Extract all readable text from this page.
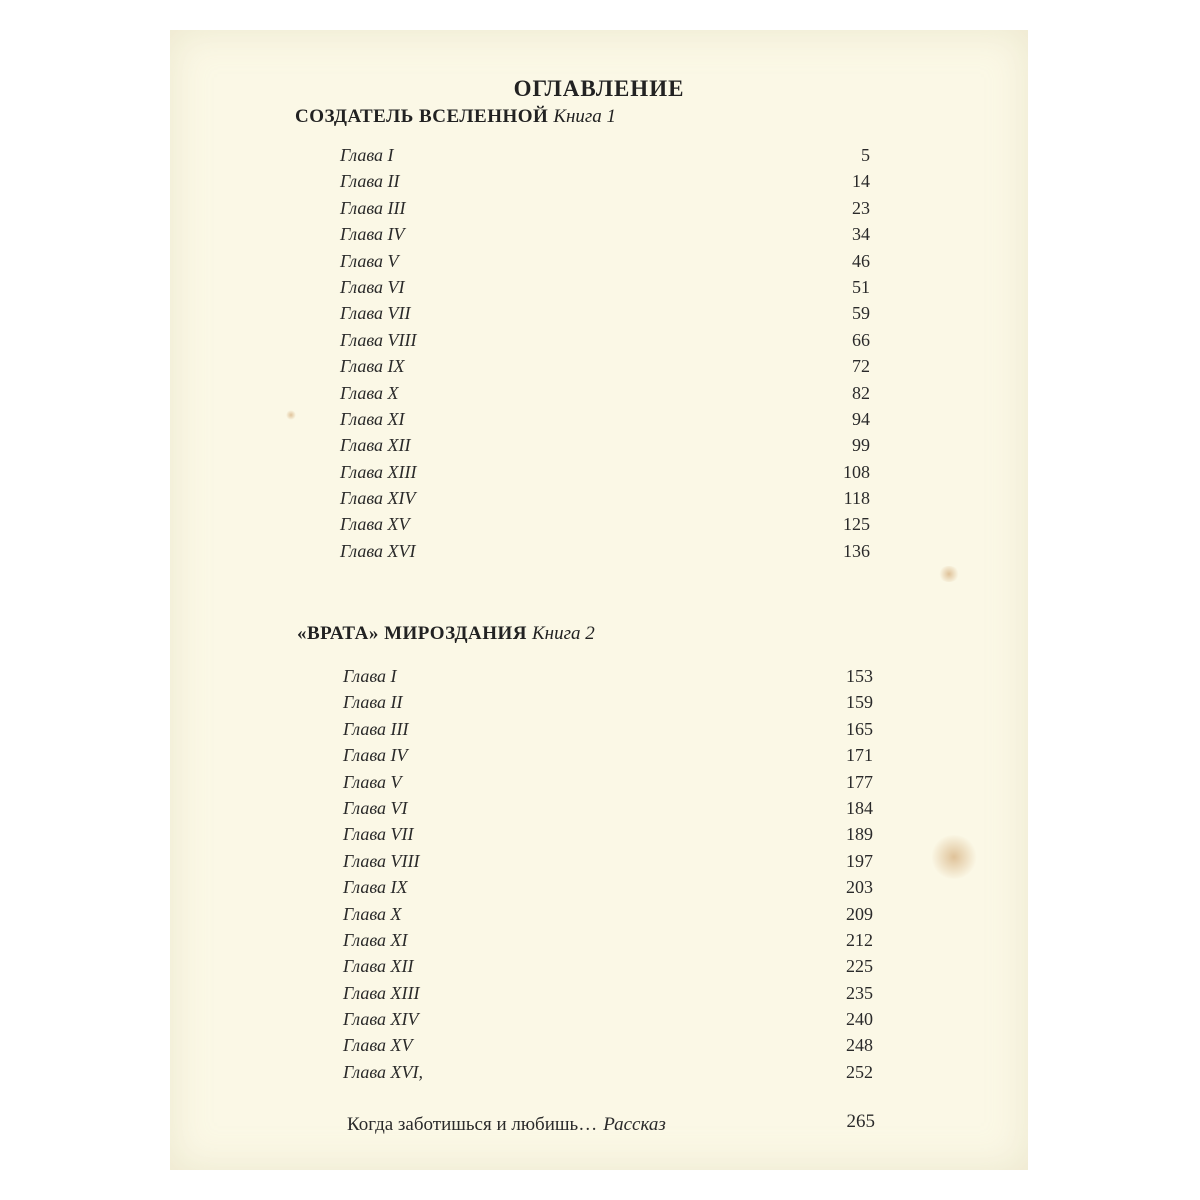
ОГЛАВЛЕНИЕ
СОЗДАТЕЛЬ ВСЕЛЕННОЙ Книга 1
Глава I	5
Глава II	14
Глава III	23
Глава IV	34
Глава V	46
Глава VI	51
Глава VII	59
Глава VIII	66
Глава IX	72
Глава X	82
Глава XI	94
Глава XII	99
Глава XIII	108
Глава XIV	118
Глава XV	125
Глава XVI	136
«ВРАТА» МИРОЗДАНИЯ Книга 2
Глава I	153
Глава II	159
Глава III	165
Глава IV	171
Глава V	177
Глава VI	184
Глава VII	189
Глава VIII	197
Глава IX	203
Глава X	209
Глава XI	212
Глава XII	225
Глава XIII	235
Глава XIV	240
Глава XV	248
Глава XVI,	252
Когда заботишься и любишь… Рассказ	265
